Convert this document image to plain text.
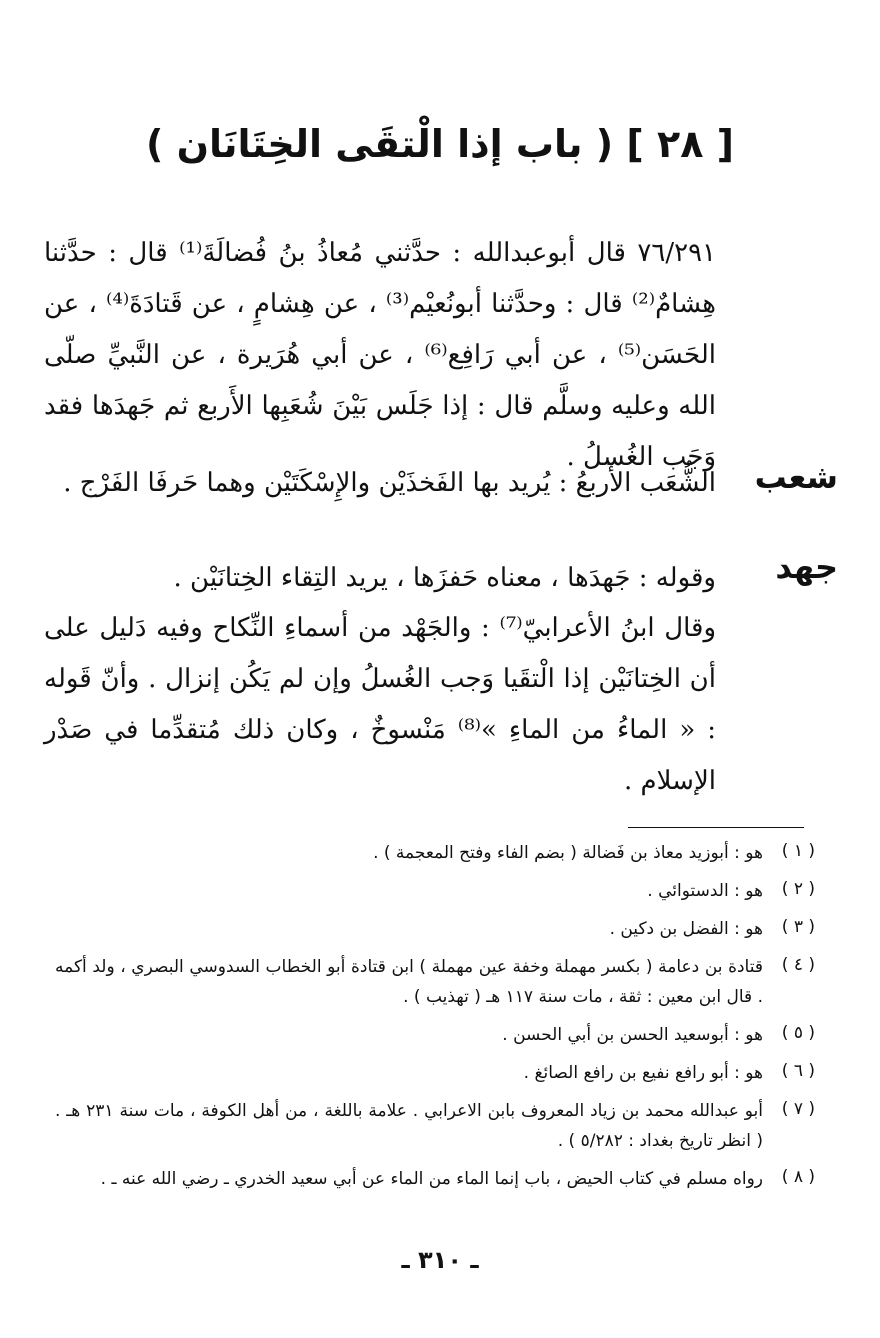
[ ٢٨ ] ( باب إذا الْتقَى الخِتَانَان )
٧٦/٢٩١ قال أبوعبدالله : حدَّثني مُعاذُ بنُ فُضالَةَ⁽¹⁾ قال : حدَّثنا هِشامٌ⁽²⁾ قال : وحدَّثنا أبونُعيْم⁽³⁾ ، عن هِشامٍ ، عن قَتادَةَ⁽⁴⁾ ، عن الحَسَن⁽⁵⁾ ، عن أبي رَافِع⁽⁶⁾ ، عن أبي هُرَيرة ، عن النَّبيِّ صلّى الله وعليه وسلَّم قال : إذا جَلَس بَيْنَ شُعَبِها الأَربع ثم جَهدَها فقد وَجَب الغُسلُ .
شعب
الشُّعَب الأَربعُ : يُريد بها الفَخذَيْن والإِسْكَتَيْن وهما حَرفَا الفَرْج .
جهد
وقوله : جَهدَها ، معناه حَفزَها ، يريد التِقاء الخِتانَيْن .
وقال ابنُ الأعرابيّ⁽⁷⁾ : والجَهْد من أسماءِ النِّكاح وفيه دَليل على أن الخِتانَيْن إذا الْتقَيا وَجب الغُسلُ وإن لم يَكُن إنزال . وأنّ قَوله : « الماءُ من الماءِ »⁽⁸⁾ مَنْسوخٌ ، وكان ذلك مُتقدِّما في صَدْر الإسلام .
( ١ )
هو : أبوزيد معاذ بن فَضالة ( بضم الفاء وفتح المعجمة ) .
( ٢ )
هو : الدستوائي .
( ٣ )
هو : الفضل بن دكين .
( ٤ )
قتادة بن دعامة ( بكسر مهملة وخفة عين مهملة ) ابن قتادة أبو الخطاب السدوسي البصري ، ولد أكمه . قال ابن معين : ثقة ، مات سنة ١١٧ هـ ( تهذيب ) .
( ٥ )
هو : أبوسعيد الحسن بن أبي الحسن .
( ٦ )
هو : أبو رافع نفيع بن رافع الصائغ .
( ٧ )
أبو عبدالله محمد بن زياد المعروف بابن الاعرابي . علامة باللغة ، من أهل الكوفة ، مات سنة ٢٣١ هـ . ( انظر تاريخ بغداد : ٥/٢٨٢ ) .
( ٨ )
رواه مسلم في كتاب الحيض ، باب إنما الماء من الماء عن أبي سعيد الخدري ـ رضي الله عنه ـ .
ـ ٣١٠ ـ
